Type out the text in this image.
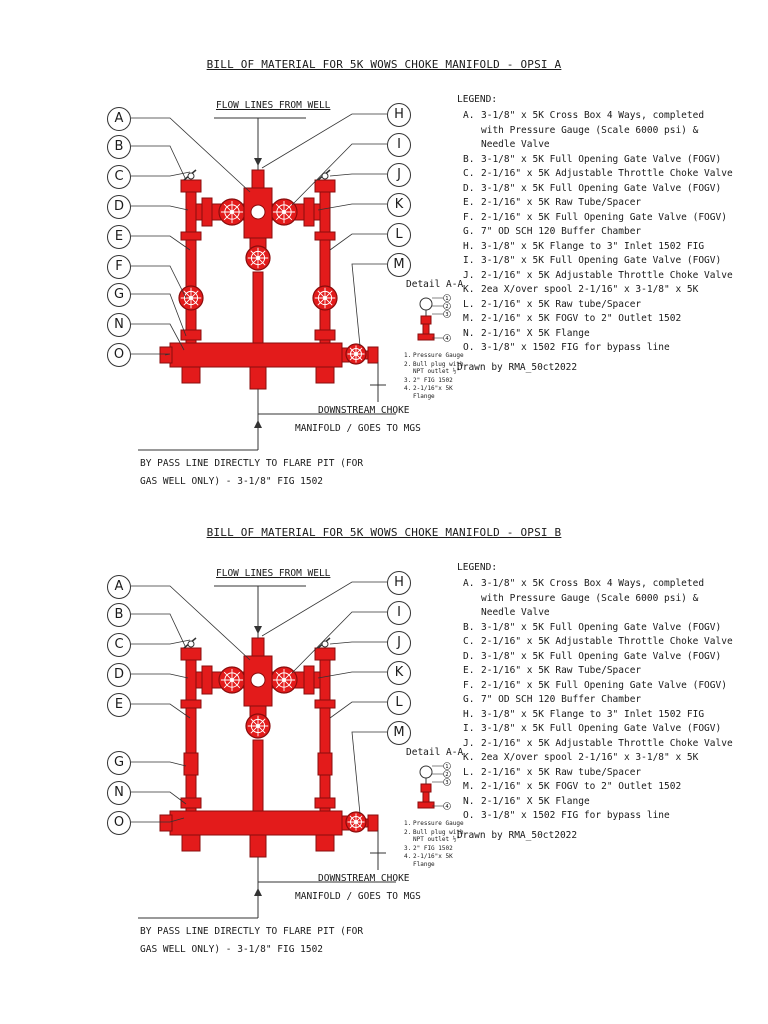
BILL OF MATERIAL FOR 5K WOWS CHOKE MANIFOLD - OPSI A
1
2
3
4
FLOW LINES FROM WELL
DOWNSTREAM CHOKE
MANIFOLD / GOES TO MGS
BY PASS LINE DIRECTLY TO FLARE PIT (FOR
GAS WELL ONLY) - 3-1/8" FIG 1502
Detail A-A
1. Pressure Gauge
2. Bull plug with NPT outlet ½"
3. 2" FIG 1502
4. 2-1/16"x 5K Flange
LEGEND:
A. 3-1/8" x 5K Cross Box 4 Ways, completed
with Pressure Gauge (Scale 6000 psi) &
Needle Valve
B. 3-1/8" x 5K Full Opening Gate Valve (FOGV)
C. 2-1/16" x 5K Adjustable Throttle Choke Valve
D. 3-1/8" x 5K Full Opening Gate Valve (FOGV)
E. 2-1/16" x 5K Raw Tube/Spacer
F. 2-1/16" x 5K Full Opening Gate Valve (FOGV)
G. 7" OD SCH 120 Buffer Chamber
H. 3-1/8" x 5K Flange to 3" Inlet 1502 FIG
I. 3-1/8" x 5K Full Opening Gate Valve (FOGV)
J. 2-1/16" x 5K Adjustable Throttle Choke Valve
K. 2ea X/over spool 2-1/16" x 3-1/8" x 5K
L. 2-1/16" x 5K Raw tube/Spacer
M. 2-1/16" x 5K FOGV to 2" Outlet 1502
N. 2-1/16" X 5K Flange
O. 3-1/8" x 1502 FIG for bypass line
Drawn by RMA_50ct2022
A
B
C
D
E
F
G
N
O
H
I
J
K
L
M
BILL OF MATERIAL FOR 5K WOWS CHOKE MANIFOLD - OPSI B
1
2
3
4
FLOW LINES FROM WELL
DOWNSTREAM CHOKE
MANIFOLD / GOES TO MGS
BY PASS LINE DIRECTLY TO FLARE PIT (FOR
GAS WELL ONLY) - 3-1/8" FIG 1502
Detail A-A
1. Pressure Gauge
2. Bull plug with NPT outlet ½"
3. 2" FIG 1502
4. 2-1/16"x 5K Flange
LEGEND:
A. 3-1/8" x 5K Cross Box 4 Ways, completed
with Pressure Gauge (Scale 6000 psi) &
Needle Valve
B. 3-1/8" x 5K Full Opening Gate Valve (FOGV)
C. 2-1/16" x 5K Adjustable Throttle Choke Valve
D. 3-1/8" x 5K Full Opening Gate Valve (FOGV)
E. 2-1/16" x 5K Raw Tube/Spacer
F. 2-1/16" x 5K Full Opening Gate Valve (FOGV)
G. 7" OD SCH 120 Buffer Chamber
H. 3-1/8" x 5K Flange to 3" Inlet 1502 FIG
I. 3-1/8" x 5K Full Opening Gate Valve (FOGV)
J. 2-1/16" x 5K Adjustable Throttle Choke Valve
K. 2ea X/over spool 2-1/16" x 3-1/8" x 5K
L. 2-1/16" x 5K Raw tube/Spacer
M. 2-1/16" x 5K FOGV to 2" Outlet 1502
N. 2-1/16" X 5K Flange
O. 3-1/8" x 1502 FIG for bypass line
Drawn by RMA_50ct2022
A
B
C
D
E
G
N
O
H
I
J
K
L
M
